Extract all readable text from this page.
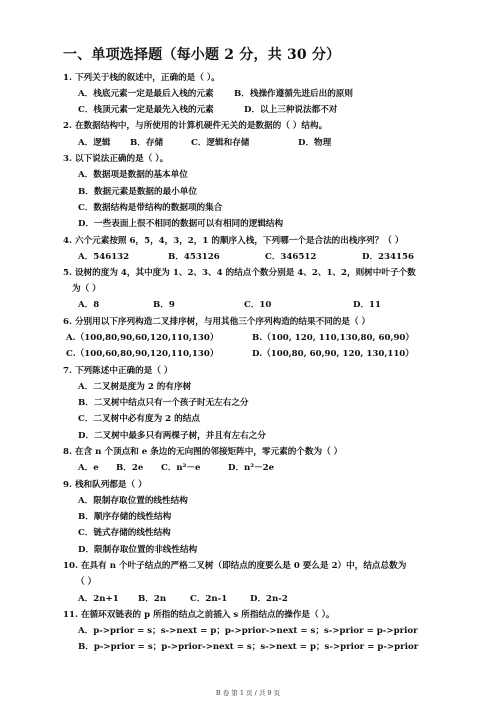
一、单项选择题（每小题 2 分，共 30 分）
1. 下列关于栈的叙述中，正确的是（ ）。
A．栈底元素一定是最后入栈的元素 B．栈操作遵循先进后出的原则
C．栈顶元素一定是最先入栈的元素	D．以上三种说法都不对
2. 在数据结构中，与所使用的计算机硬件无关的是数据的（ ）结构。
A．逻辑 B．存储	C．逻辑和存储	D．物理
3. 以下说法正确的是（ ）。
A．数据项是数据的基本单位
B．数据元素是数据的最小单位
C．数据结构是带结构的数据项的集合
D．一些表面上很不相同的数据可以有相同的逻辑结构
4. 六个元素按照 6，5，4，3，2，1 的顺序入栈，下列哪一个是合法的出栈序列？（ ）
A．546132	B．453126	C．346512	D．234156
5. 设树的度为 4，其中度为 1、2、3、4 的结点个数分别是 4、2、1、2，则树中叶子个数
为（ ）
A．8	B．9	C．10	D．11
6. 分别用以下序列构造二叉排序树，与用其他三个序列构造的结果不同的是（ ）
A.（100,80,90,60,120,110,130）	B.（100, 120, 110,130,80, 60,90）
C.（100,60,80,90,120,110,130）	D.（100,80, 60,90, 120, 130,110）
7. 下列陈述中正确的是（ ）
A．二叉树是度为 2 的有序树
B．二叉树中结点只有一个孩子时无左右之分
C．二叉树中必有度为 2 的结点
D．二叉树中最多只有两棵子树，并且有左右之分
8. 在含 n 个顶点和 e 条边的无向图的邻接矩阵中，零元素的个数为（ ）
A．e B．2e C．n²－e	D．n²－2e
9. 栈和队列都是（ ）
A．限制存取位置的线性结构
B．顺序存储的线性结构
C．链式存储的线性结构
D．限制存取位置的非线性结构
10. 在具有 n 个叶子结点的严格二叉树（即结点的度要么是 0 要么是 2）中，结点总数为
（ ）
A．2n+1 B．2n	C．2n-1	D．2n-2
11. 在循环双链表的 p 所指的结点之前插入 s 所指结点的操作是（ ）。
A．p->prior = s；s->next = p；p->prior->next = s；s->prior = p->prior
B．p->prior = s；p->prior->next = s；s->next = p；s->prior = p->prior
B 卷 第 1 页 / 共 9 页
